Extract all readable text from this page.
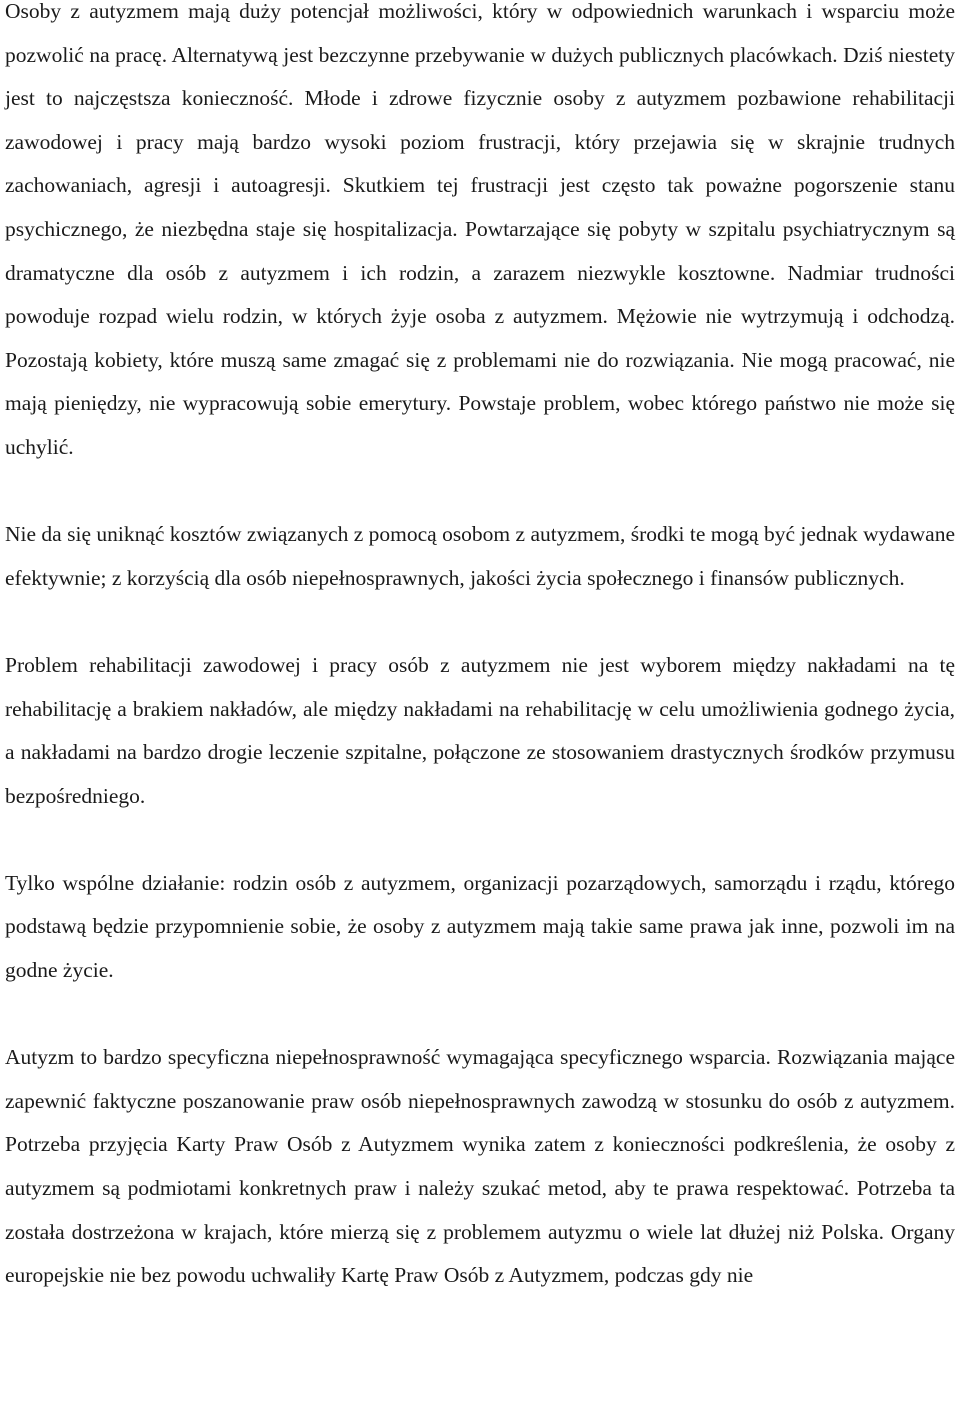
Osoby z autyzmem mają duży potencjał możliwości, który w odpowiednich warunkach i wsparciu może pozwolić na pracę. Alternatywą jest bezczynne przebywanie w dużych publicznych placówkach. Dziś niestety jest to najczęstsza konieczność. Młode i zdrowe fizycznie osoby z autyzmem pozbawione rehabilitacji zawodowej i pracy mają bardzo wysoki poziom frustracji, który przejawia się w skrajnie trudnych zachowaniach, agresji i autoagresji. Skutkiem tej frustracji jest często tak poważne pogorszenie stanu psychicznego, że niezbędna staje się hospitalizacja. Powtarzające się pobyty w szpitalu psychiatrycznym są dramatyczne dla osób z autyzmem i ich rodzin, a zarazem niezwykle kosztowne. Nadmiar trudności powoduje rozpad wielu rodzin, w których żyje osoba z autyzmem. Mężowie nie wytrzymują i odchodzą. Pozostają kobiety, które muszą same zmagać się z problemami nie do rozwiązania. Nie mogą pracować, nie mają pieniędzy, nie wypracowują sobie emerytury. Powstaje problem, wobec którego państwo nie może się uchylić.

Nie da się uniknąć kosztów związanych z pomocą osobom z autyzmem, środki te mogą być jednak wydawane efektywnie; z korzyścią dla osób niepełnosprawnych, jakości życia społecznego i finansów publicznych.

Problem rehabilitacji zawodowej i pracy osób z autyzmem nie jest wyborem między nakładami na tę rehabilitację a brakiem nakładów, ale między nakładami na rehabilitację w celu umożliwienia godnego życia, a nakładami na bardzo drogie leczenie szpitalne, połączone ze stosowaniem drastycznych środków przymusu bezpośredniego.

Tylko wspólne działanie: rodzin osób z autyzmem, organizacji pozarządowych, samorządu i rządu, którego podstawą będzie przypomnienie sobie, że osoby z autyzmem mają takie same prawa jak inne, pozwoli im na godne życie.

Autyzm to bardzo specyficzna niepełnosprawność wymagająca specyficznego wsparcia. Rozwiązania mające zapewnić faktyczne poszanowanie praw osób niepełnosprawnych zawodzą w stosunku do osób z autyzmem. Potrzeba przyjęcia Karty Praw Osób z Autyzmem wynika zatem z konieczności podkreślenia, że osoby z autyzmem są podmiotami konkretnych praw i należy szukać metod, aby te prawa respektować. Potrzeba ta została dostrzeżona w krajach, które mierzą się z problemem autyzmu o wiele lat dłużej niż Polska. Organy europejskie nie bez powodu uchwaliły Kartę Praw Osób z Autyzmem, podczas gdy nie
